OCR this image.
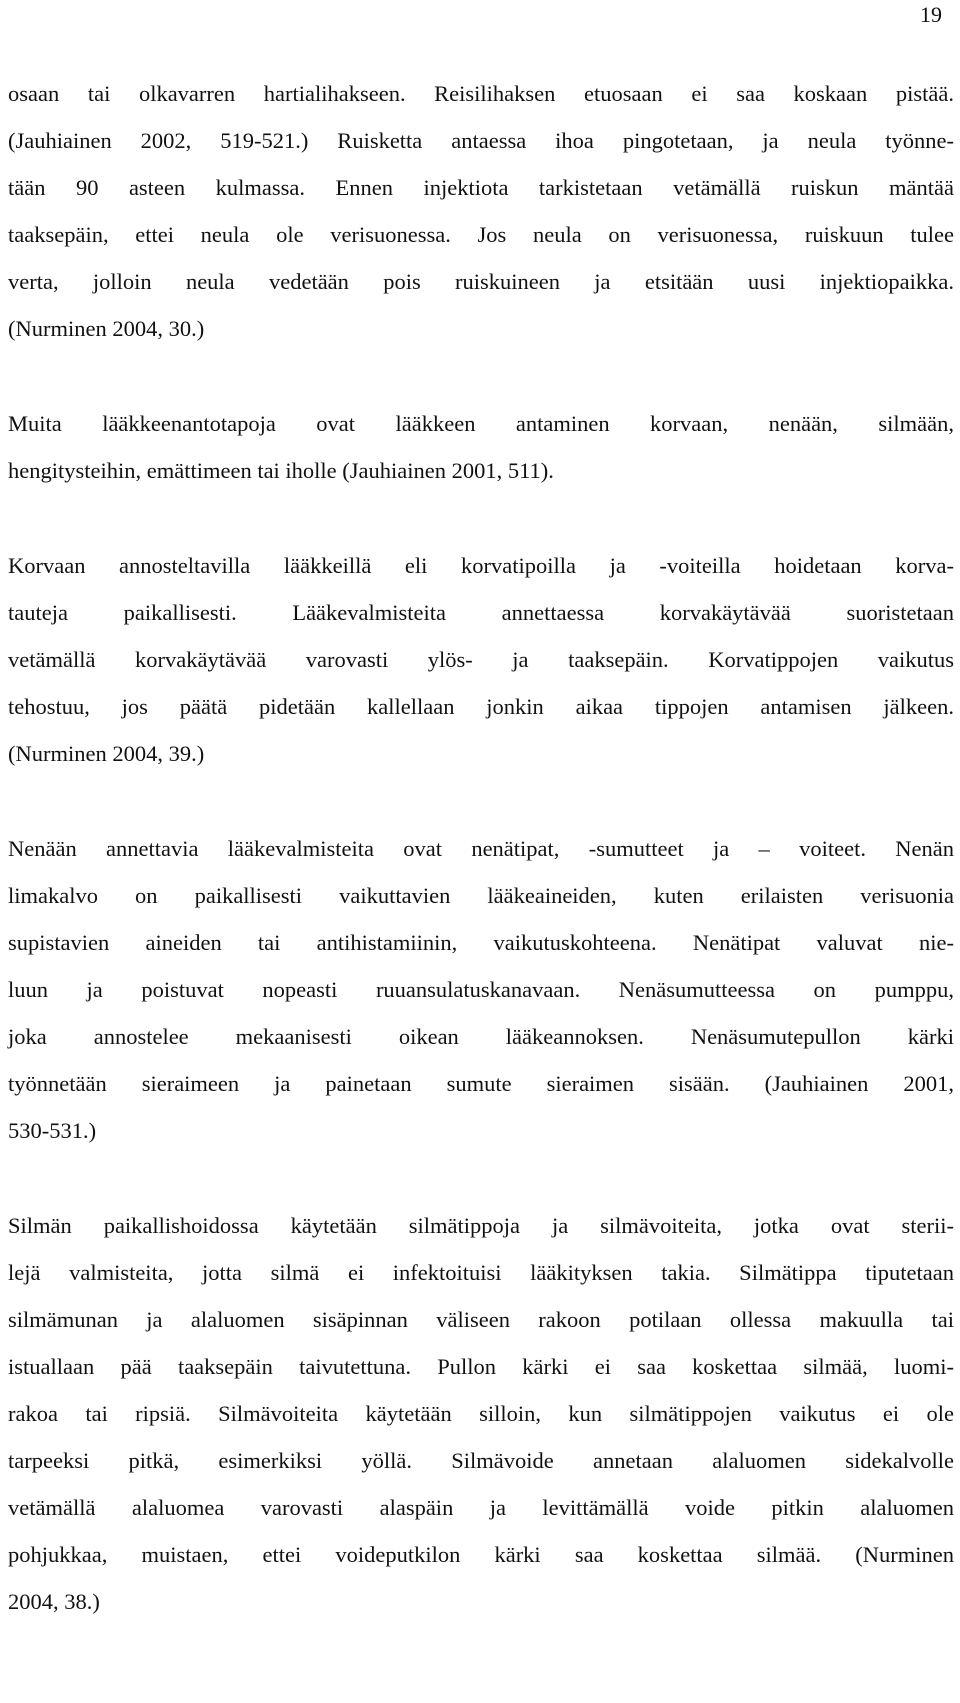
19

osaan tai olkavarren hartialihakseen. Reisilihaksen etuosaan ei saa koskaan pistää.
(Jauhiainen 2002, 519-521.) Ruisketta antaessa ihoa pingotetaan, ja neula työnne-
tään 90 asteen kulmassa. Ennen injektiota tarkistetaan vetämällä ruiskun mäntää
taaksepäin, ettei neula ole verisuonessa. Jos neula on verisuonessa, ruiskuun tulee
verta, jolloin neula vedetään pois ruiskuineen ja etsitään uusi injektiopaikka.
(Nurminen 2004, 30.)

Muita lääkkeenantotapoja ovat lääkkeen antaminen korvaan, nenään, silmään,
hengitysteihin, emättimeen tai iholle (Jauhiainen 2001, 511).

Korvaan annosteltavilla lääkkeillä eli korvatipoilla ja -voiteilla hoidetaan korva-
tauteja paikallisesti. Lääkevalmisteita annettaessa korvakäytävää suoristetaan
vetämällä korvakäytävää varovasti ylös- ja taaksepäin. Korvatippojen vaikutus
tehostuu, jos päätä pidetään kallellaan jonkin aikaa tippojen antamisen jälkeen.
(Nurminen 2004, 39.)

Nenään annettavia lääkevalmisteita ovat nenätipat, -sumutteet ja – voiteet. Nenän
limakalvo on paikallisesti vaikuttavien lääkeaineiden, kuten erilaisten verisuonia
supistavien aineiden tai antihistamiinin, vaikutuskohteena. Nenätipat valuvat nie-
luun ja poistuvat nopeasti ruuansulatuskanavaan. Nenäsumutteessa on pumppu,
joka annostelee mekaanisesti oikean lääkeannoksen. Nenäsumutepullon kärki
työnnetään sieraimeen ja painetaan sumute sieraimen sisään. (Jauhiainen 2001,
530-531.)

Silmän paikallishoidossa käytetään silmätippoja ja silmävoiteita, jotka ovat sterii-
lejä valmisteita, jotta silmä ei infektoituisi lääkityksen takia. Silmätippa tiputetaan
silmämunan ja alaluomen sisäpinnan väliseen rakoon potilaan ollessa makuulla tai
istuallaan pää taaksepäin taivutettuna. Pullon kärki ei saa koskettaa silmää, luomi-
rakoa tai ripsiä. Silmävoiteita käytetään silloin, kun silmätippojen vaikutus ei ole
tarpeeksi pitkä, esimerkiksi yöllä. Silmävoide annetaan alaluomen sidekalvolle
vetämällä alaluomea varovasti alaspäin ja levittämällä voide pitkin alaluomen
pohjukkaa, muistaen, ettei voideputkilon kärki saa koskettaa silmää. (Nurminen
2004, 38.)
